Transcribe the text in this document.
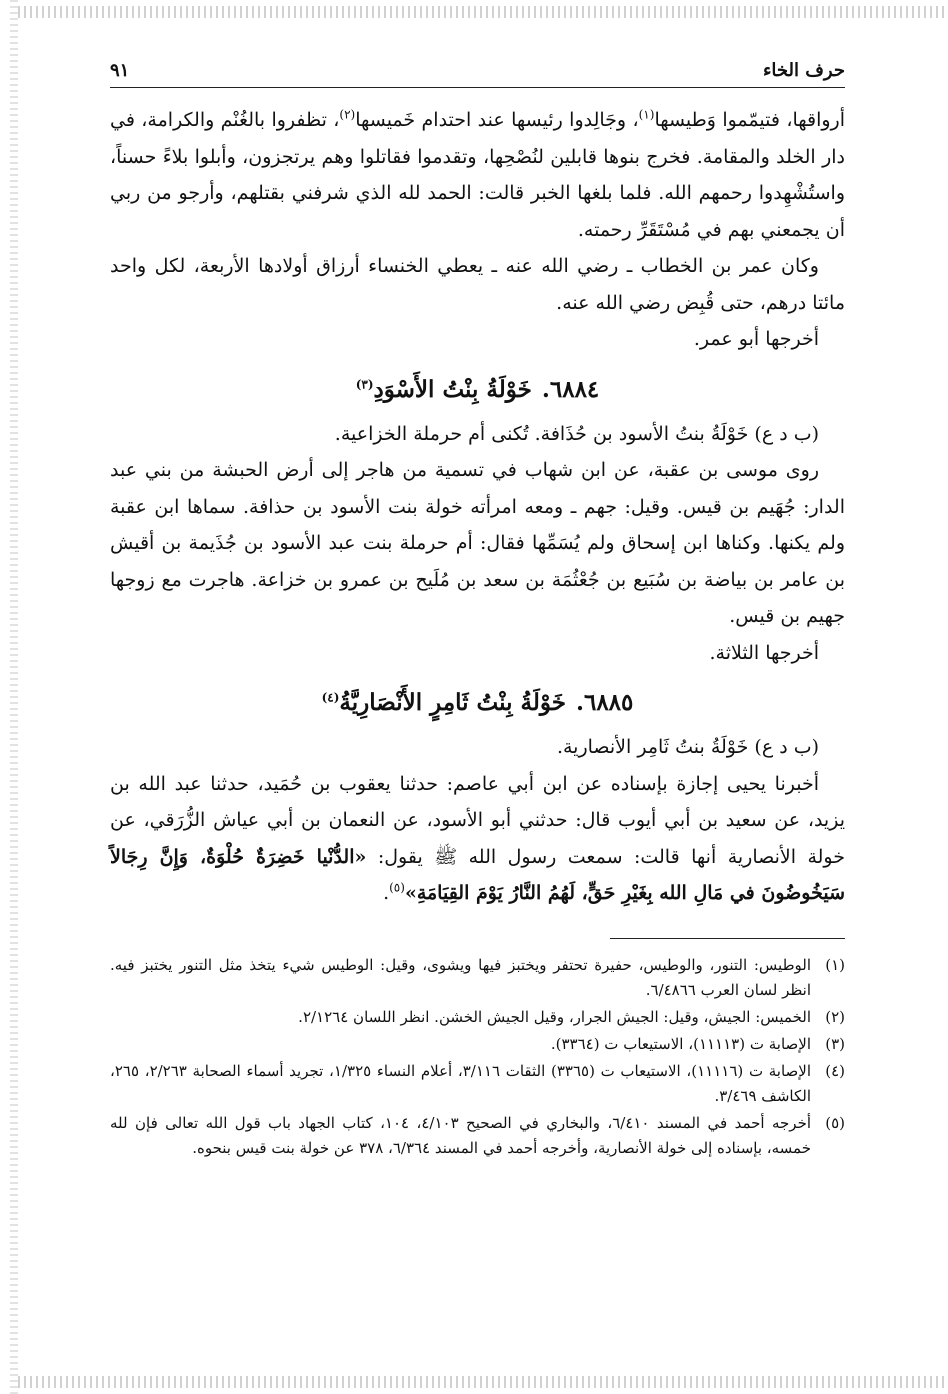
حرف الخاء
٩١

أرواقها، فتيمّموا وَطيسها$^{(١)}$، وجَالِدوا رئيسها عند احتدام خَميسها$^{(٢)}$، تظفروا بالغُنْم والكرامة، في دار الخلد والمقامة. فخرج بنوها قابلين لنُصْحِها، وتقدموا فقاتلوا وهم يرتجزون، وأبلوا بلاءً حسناً، واستُشْهِدوا رحمهم الله. فلما بلغها الخبر قالت: الحمد لله الذي شرفني بقتلهم، وأرجو من ربي أن يجمعني بهم في مُسْتَقَرِّ رحمته.

وكان عمر بن الخطاب ـ رضي الله عنه ـ يعطي الخنساء أرزاق أولادها الأربعة، لكل واحد مائتا درهم، حتى قُبِض رضي الله عنه.

أخرجها أبو عمر.

٦٨٨٤. خَوْلَةُ بِنْتُ الأَسْوَدِ$^{(٣)}$

(ب د ع) خَوْلَةُ بنتُ الأسود بن حُذَافة. تُكنى أم حرملة الخزاعية.

روى موسى بن عقبة، عن ابن شهاب في تسمية من هاجر إلى أرض الحبشة من بني عبد الدار: جُهَيم بن قيس. وقيل: جهم ـ ومعه امرأته خولة بنت الأسود بن حذافة. سماها ابن عقبة ولم يكنها. وكناها ابن إسحاق ولم يُسَمِّها فقال: أم حرملة بنت عبد الأسود بن جُذَيمة بن أقيش بن عامر بن بياضة بن سُبَيع بن جُعْثُمَة بن سعد بن مُلَيح بن عمرو بن خزاعة. هاجرت مع زوجها جهيم بن قيس.

أخرجها الثلاثة.

٦٨٨٥. خَوْلَةُ بِنْتُ ثَامِرٍ الأَنْصَارِيَّةُ$^{(٤)}$

(ب د ع) خَوْلَةُ بنتُ ثَامِر الأنصارية.

أخبرنا يحيى إجازة بإسناده عن ابن أبي عاصم: حدثنا يعقوب بن حُمَيد، حدثنا عبد الله بن يزيد، عن سعيد بن أبي أيوب قال: حدثني أبو الأسود، عن النعمان بن أبي عياش الزُّرَقي، عن خولة الأنصارية أنها قالت: سمعت رسول الله ﷺ يقول: «الدُّنْيا خَضِرَةٌ حُلْوَةٌ، وَإِنَّ رِجَالاً سَيَخُوضُونَ في مَالِ الله بِغَيْرِ حَقٍّ، لَهُمُ النَّارُ يَوْمَ القِيَامَةِ»$^{(٥)}$.

(١)
الوطيس: التنور، والوطيس، حفيرة تحتفر ويختبز فيها ويشوى، وقيل: الوطيس شيء يتخذ مثل التنور يختبز فيه. انظر لسان العرب ٦/٤٨٦٦.
(٢)
الخميس: الجيش، وقيل: الجيش الجرار، وقيل الجيش الخشن. انظر اللسان ٢/١٢٦٤.
(٣)
الإصابة ت (١١١١٣)، الاستيعاب ت (٣٣٦٤).
(٤)
الإصابة ت (١١١١٦)، الاستيعاب ت (٣٣٦٥) الثقات ٣/١١٦، أعلام النساء ١/٣٢٥، تجريد أسماء الصحابة ٢/٢٦٣، ٢٦٥، الكاشف ٣/٤٦٩.
(٥)
أخرجه أحمد في المسند ٦/٤١٠، والبخاري في الصحيح ٤/١٠٣، ١٠٤، كتاب الجهاد باب قول الله تعالى فإن لله خمسه، بإسناده إلى خولة الأنصارية، وأخرجه أحمد في المسند ٦/٣٦٤، ٣٧٨ عن خولة بنت قيس بنحوه.
